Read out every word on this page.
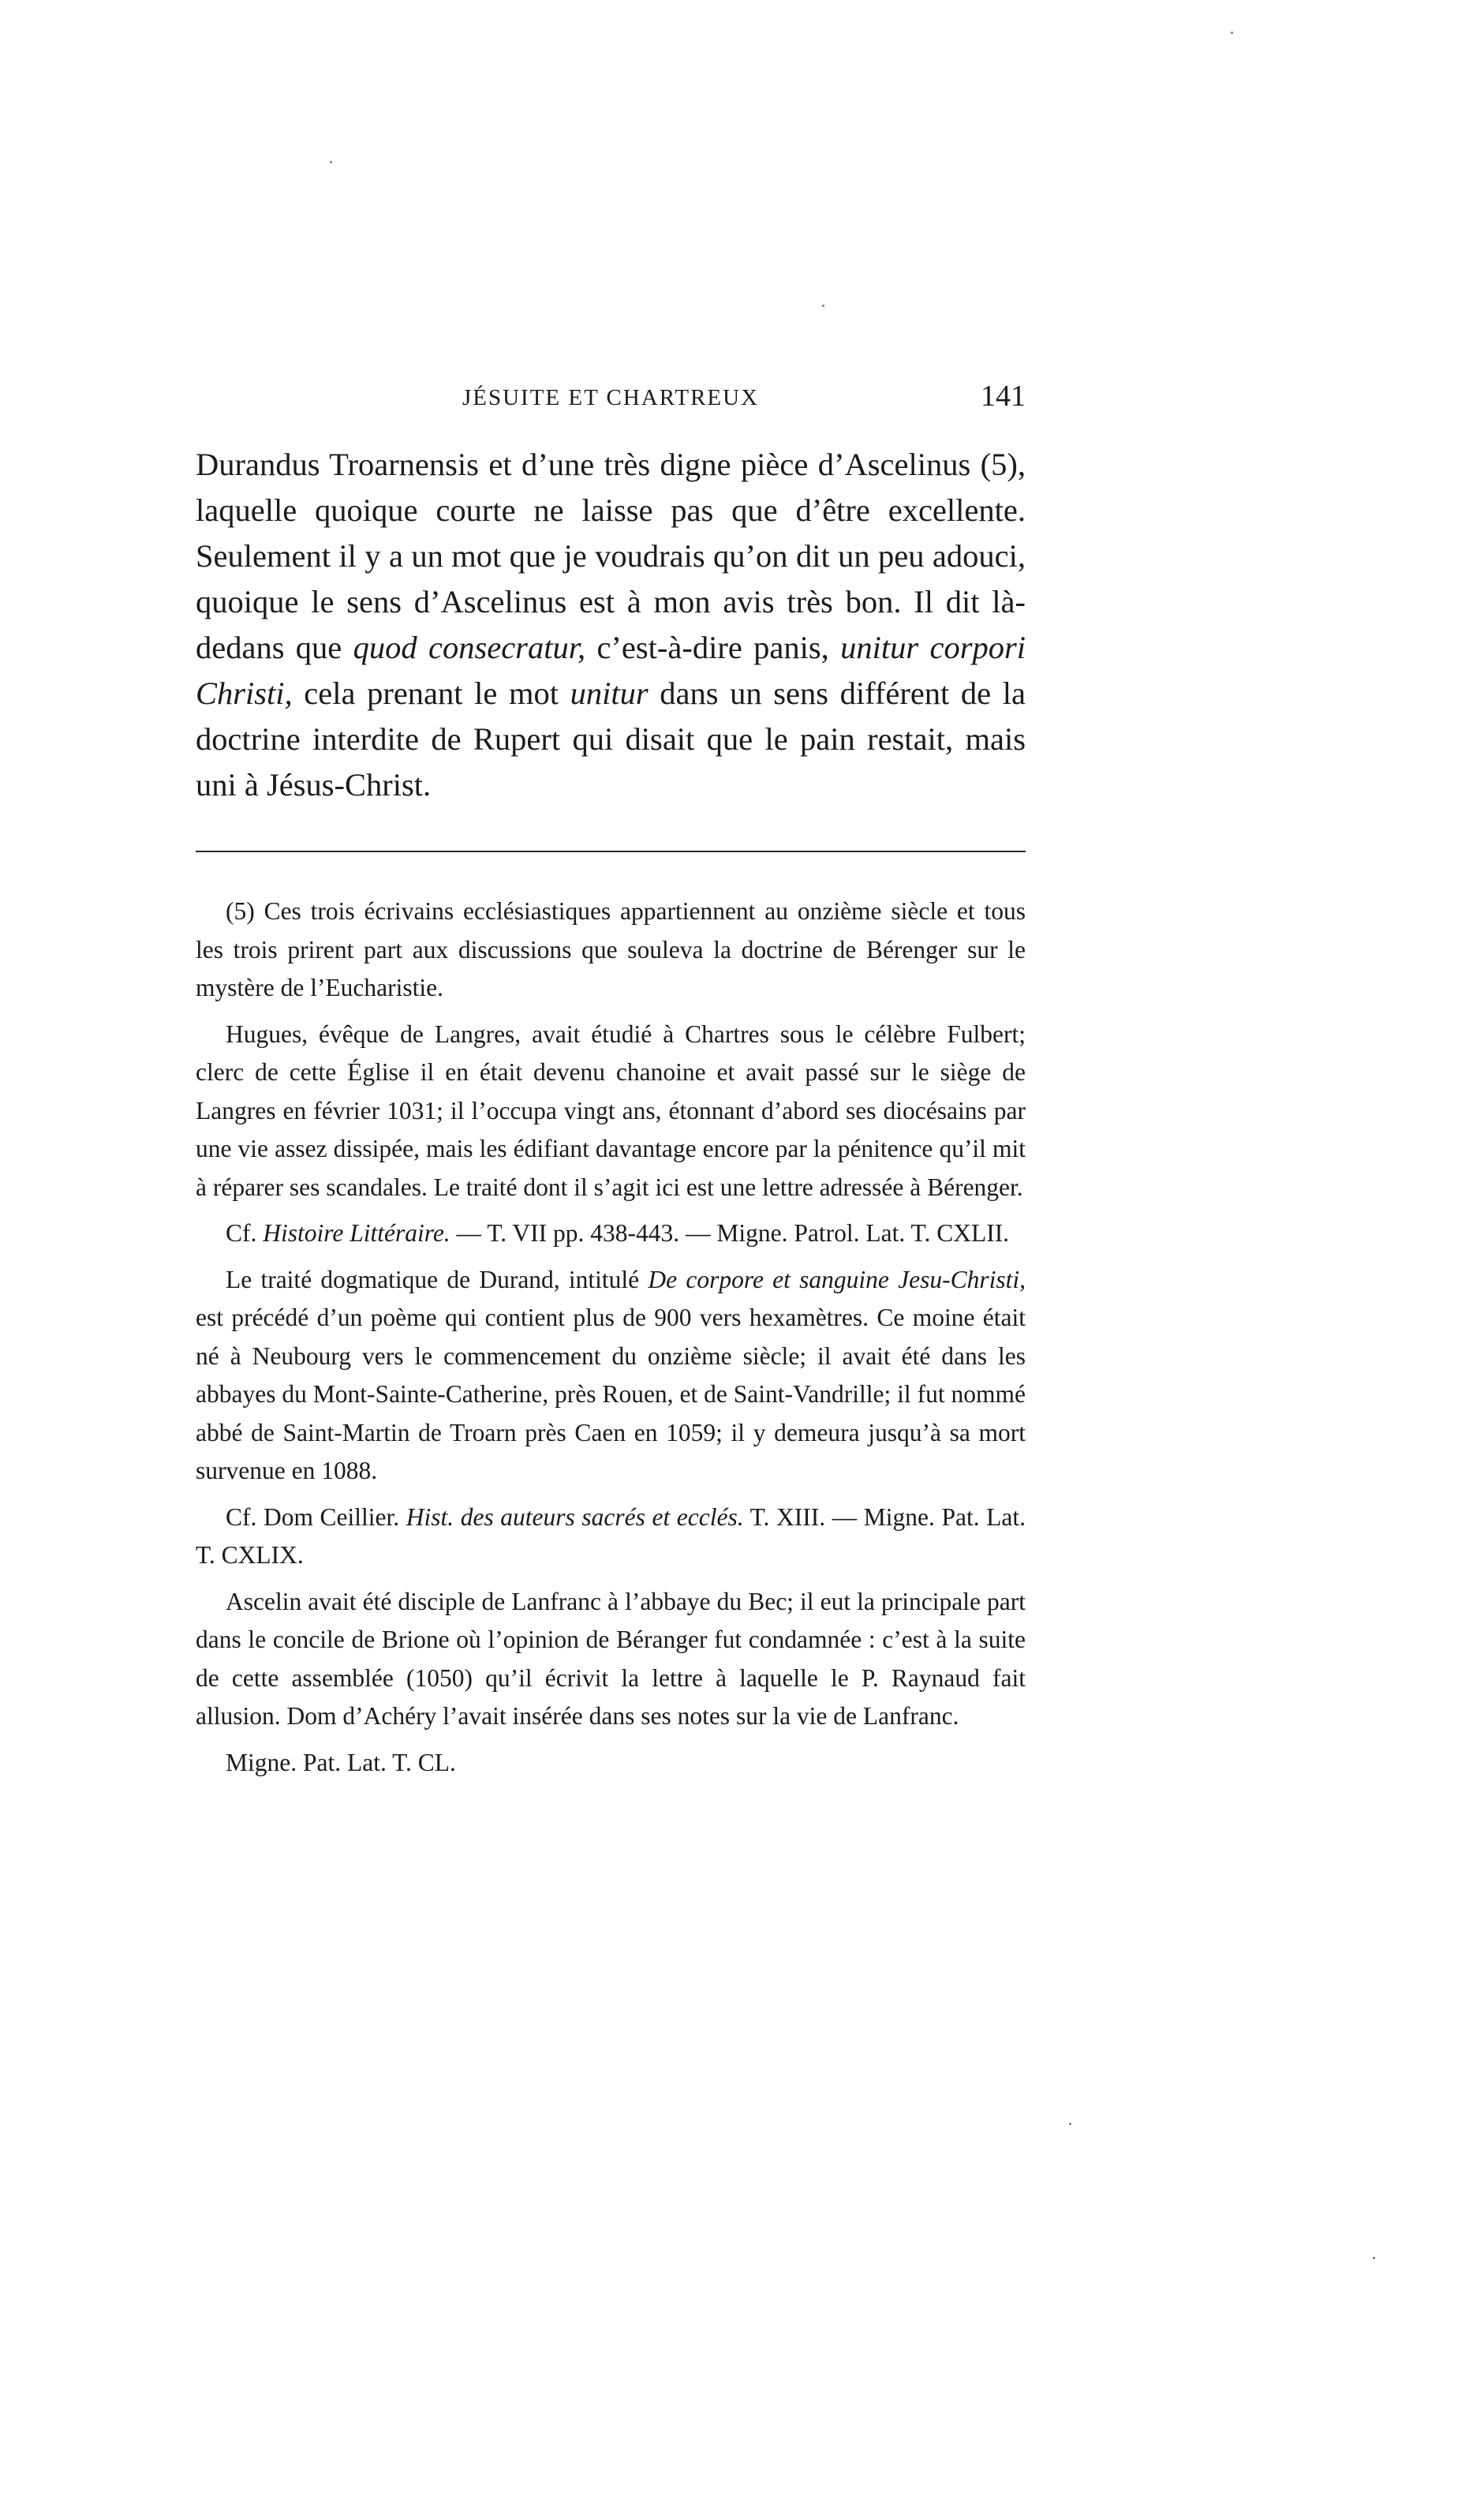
JÉSUITE ET CHARTREUX	141

Durandus Troarnensis et d’une très digne pièce d’Ascelinus (5), laquelle quoique courte ne laisse pas que d’être excellente. Seulement il y a un mot que je voudrais qu’on dit un peu adouci, quoique le sens d’Ascelinus est à mon avis très bon. Il dit là-dedans que quod consecratur, c’est-à-dire panis, unitur corpori Christi, cela prenant le mot unitur dans un sens différent de la doctrine interdite de Rupert qui disait que le pain restait, mais uni à Jésus-Christ.

(5) Ces trois écrivains ecclésiastiques appartiennent au onzième siècle et tous les trois prirent part aux discussions que souleva la doctrine de Bérenger sur le mystère de l’Eucharistie.

Hugues, évêque de Langres, avait étudié à Chartres sous le célèbre Fulbert; clerc de cette Église il en était devenu chanoine et avait passé sur le siège de Langres en février 1031; il l’occupa vingt ans, étonnant d’abord ses diocésains par une vie assez dissipée, mais les édifiant davantage encore par la pénitence qu’il mit à réparer ses scandales. Le traité dont il s’agit ici est une lettre adressée à Bérenger.

Cf. Histoire Littéraire. — T. VII pp. 438-443. — Migne. Patrol. Lat. T. CXLII.

Le traité dogmatique de Durand, intitulé De corpore et sanguine Jesu-Christi, est précédé d’un poème qui contient plus de 900 vers hexamètres. Ce moine était né à Neubourg vers le commencement du onzième siècle; il avait été dans les abbayes du Mont-Sainte-Catherine, près Rouen, et de Saint-Vandrille; il fut nommé abbé de Saint-Martin de Troarn près Caen en 1059; il y demeura jusqu’à sa mort survenue en 1088.

Cf. Dom Ceillier. Hist. des auteurs sacrés et ecclés. T. XIII. — Migne. Pat. Lat. T. CXLIX.

Ascelin avait été disciple de Lanfranc à l’abbaye du Bec; il eut la principale part dans le concile de Brione où l’opinion de Béranger fut condamnée : c’est à la suite de cette assemblée (1050) qu’il écrivit la lettre à laquelle le P. Raynaud fait allusion. Dom d’Achéry l’avait insérée dans ses notes sur la vie de Lanfranc.

Migne. Pat. Lat. T. CL.
